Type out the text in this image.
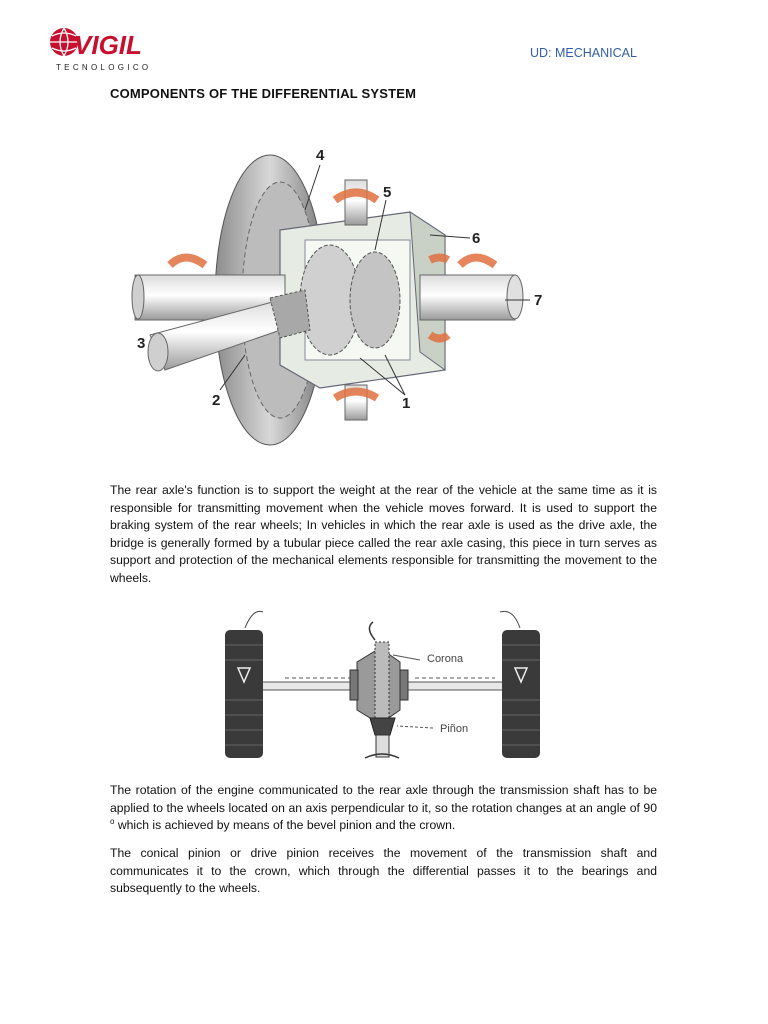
VIGIL
TECNOLOGICO
UD: MECHANICAL
COMPONENTS OF THE DIFFERENTIAL SYSTEM
1
2
3
4
5
6
7

The rear axle's function is to support the weight at the rear of the vehicle at the same time as it is responsible for transmitting movement when the vehicle moves forward. It is used to support the braking system of the rear wheels; In vehicles in which the rear axle is used as the drive axle, the bridge is generally formed by a tubular piece called the rear axle casing, this piece in turn serves as support and protection of the mechanical elements responsible for transmitting the movement to the wheels.

Corona
Piñon

The rotation of the engine communicated to the rear axle through the transmission shaft has to be applied to the wheels located on an axis perpendicular to it, so the rotation changes at an angle of 90 $^o$ which is achieved by means of the bevel pinion and the crown.

The conical pinion or drive pinion receives the movement of the transmission shaft and communicates it to the crown, which through the differential passes it to the bearings and subsequently to the wheels.
